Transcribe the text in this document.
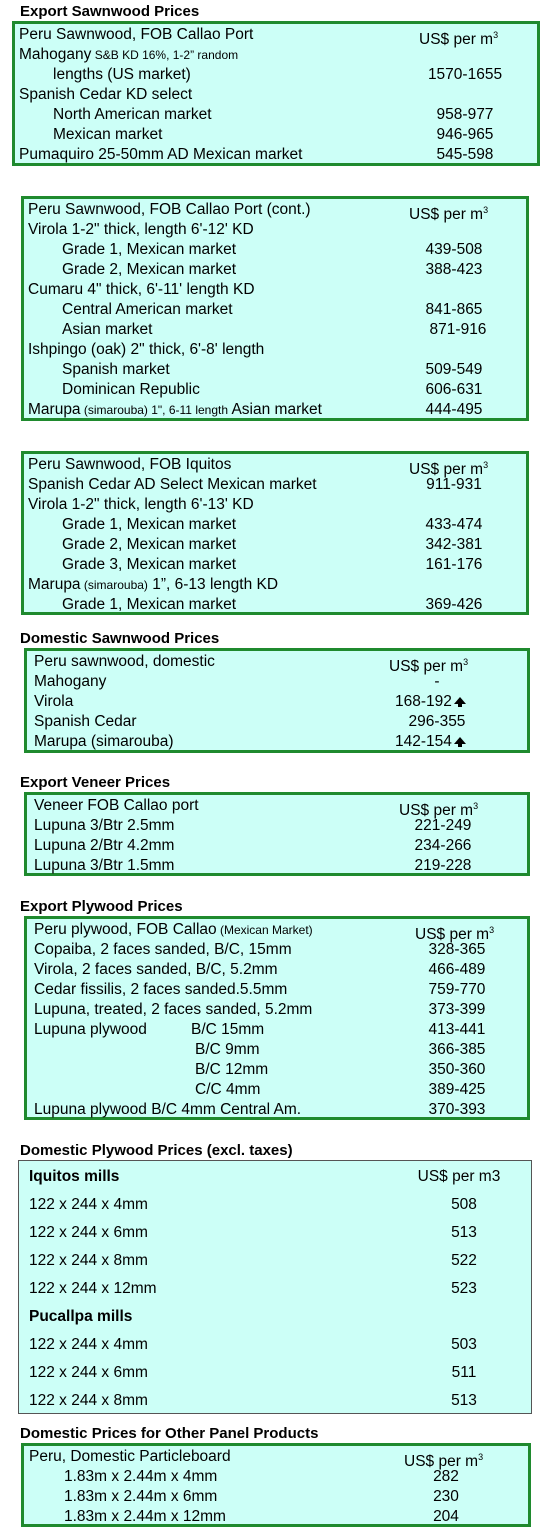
Export Sawnwood Prices
Peru Sawnwood, FOB Callao Port	US$ per $m^3$
Mahogany S&B KD 16%, 1-2” random
lengths (US market)	1570-1655
Spanish Cedar KD select
North American market	958-977
Mexican market	946-965
Pumaquiro 25-50mm AD Mexican market	545-598
Peru Sawnwood, FOB Callao Port (cont.)	US$ per $m^3$
Virola 1-2" thick, length 6'-12' KD
Grade 1, Mexican market	439-508
Grade 2, Mexican market	388-423
Cumaru 4" thick, 6'-11' length KD
Central American market	841-865
Asian market	871-916
Ishpingo (oak) 2" thick, 6'-8' length
Spanish market	509-549
Dominican Republic	606-631
Marupa (simarouba) 1", 6-11 length Asian market	444-495
Peru Sawnwood, FOB Iquitos	US$ per $m^3$
Spanish Cedar AD Select Mexican market	911-931
Virola 1-2" thick, length 6'-13' KD
Grade 1, Mexican market	433-474
Grade 2, Mexican market	342-381
Grade 3, Mexican market	161-176
Marupa (simarouba) 1”, 6-13 length KD
Grade 1, Mexican market	369-426
Domestic Sawnwood Prices
Peru sawnwood, domestic	US$ per $m^3$
Mahogany	-
Virola	168-192
Spanish Cedar	296-355
Marupa (simarouba)	142-154
Export Veneer Prices
Veneer FOB Callao port	US$ per $m^3$
Lupuna 3/Btr 2.5mm	221-249
Lupuna 2/Btr 4.2mm	234-266
Lupuna 3/Btr 1.5mm	219-228
Export Plywood Prices
Peru plywood, FOB Callao (Mexican Market)	US$ per $m^3$
Copaiba, 2 faces sanded, B/C, 15mm	328-365
Virola, 2 faces sanded, B/C, 5.2mm	466-489
Cedar fissilis, 2 faces sanded.5.5mm	759-770
Lupuna, treated, 2 faces sanded, 5.2mm	373-399
Lupuna plywood	B/C 15mm	413-441
B/C 9mm	366-385
B/C 12mm	350-360
C/C 4mm	389-425
Lupuna plywood B/C 4mm Central Am.	370-393
Domestic Plywood Prices (excl. taxes)
Iquitos mills	US$ per m3
122 x 244 x 4mm	508
122 x 244 x 6mm	513
122 x 244 x 8mm	522
122 x 244 x 12mm	523
Pucallpa mills
122 x 244 x 4mm	503
122 x 244 x 6mm	511
122 x 244 x 8mm	513
Domestic Prices for Other Panel Products
Peru, Domestic Particleboard	US$ per $m^3$
1.83m x 2.44m x 4mm	282
1.83m x 2.44m x 6mm	230
1.83m x 2.44m x 12mm	204
